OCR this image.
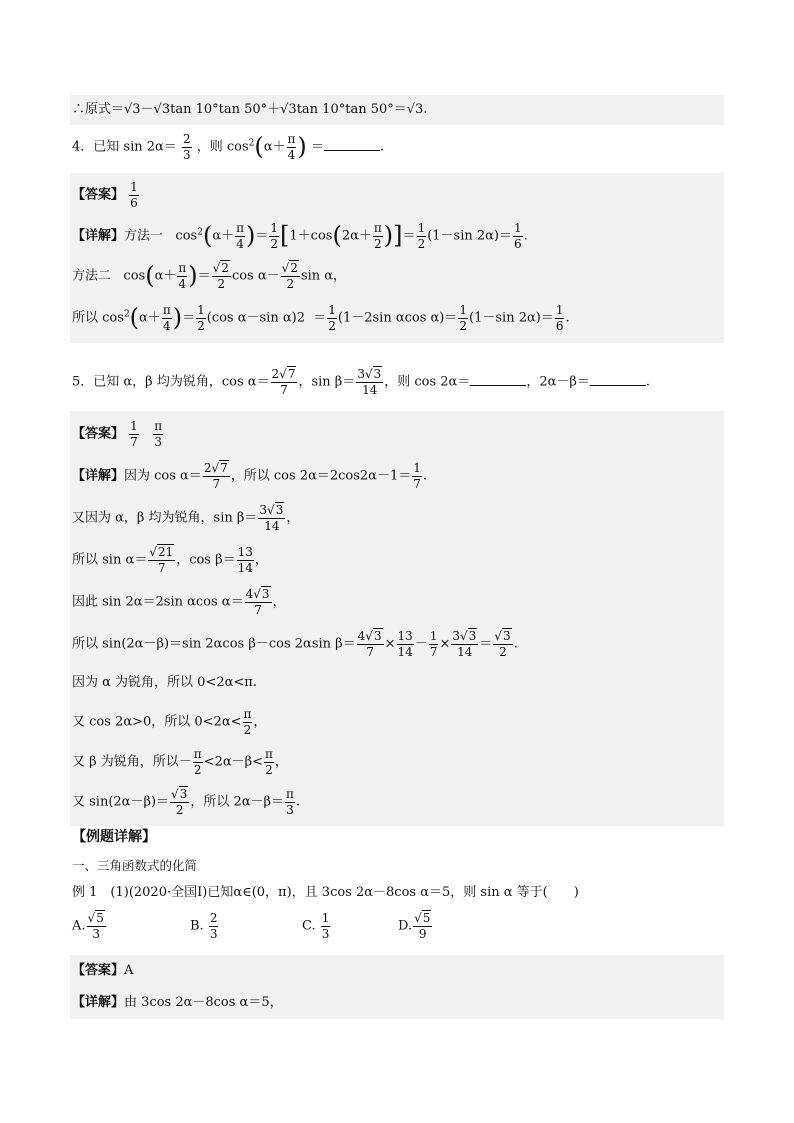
∴原式＝√3－√3tan 10°tan 50°＋√3tan 10°tan 50°＝√3.
4．已知 $\sin 2\alpha= \frac{2}{3}$ ，则 $\cos^2(\alpha+ \frac{\pi}{4}$ ) ＝	.
【答案】 $\frac{1}{6}$
【详解】方法一   $\cos^2(\alpha+ \frac{\pi}{4}$ )＝ $\frac{1}{2} [1+\cos(2\alpha+ \frac{\pi}{2}$ )]＝ $\frac{1}{2} (1-\sin$ $2\alpha)= \frac{1}{6}$ .
方法二   $\cos(\alpha+ \frac{\pi}{4}$ )＝ $\frac{√2}{2}$ $\cos \alpha- \frac{√2}{2}$ sin α，
所以 $\cos^2(\alpha+ \frac{\pi}{4}$ )＝ $\frac{1}{2} (\cos$ α－sin $\alpha)2 = \frac{1}{2} (1-2\sin$ αcos $\alpha)= \frac{1}{2} (1-\sin$ $2\alpha)= \frac{1}{6}$ .
5．已知 α，β 均为锐角，$\cos \alpha= \frac{2√7}{7}$ ，$\sin \beta= \frac{3√3}{14}$ ，则 cos 2α＝	，2α－β＝	.
【答案】 $\frac{1}{7}$
$\frac{\pi}{3}$
【详解】因为 $\cos \alpha= \frac{2√7}{7}$ ，所以 $\cos 2\alpha=2\cos 2\alpha-1= \frac{1}{7}$ .
又因为 α，β 均为锐角，$\sin \beta= \frac{3√3}{14}$ ，
所以 $\sin \alpha= \frac{√21}{7}$ ，$\cos \beta= \frac{13}{14}$ ，
因此 sin 2α＝2sin αcos $\alpha= \frac{4√3}{7}$ ，
所以 sin(2α－β)＝sin 2αcos β－cos 2αsin $\beta= \frac{4√3}{7} \times \frac{13}{14} - \frac{1}{7} \times \frac{3√3}{14} = \frac{√3}{2}$ .
因为 α 为锐角，所以 0<2α<π.
又 cos 2α>0，所以 $0<2\alpha< \frac{\pi}{2}$ ，
又 β 为锐角，所以－ $\frac{\pi}{2} <2\alpha-\beta< \frac{\pi}{2}$ ，
又 $\sin(2\alpha-\beta)= \frac{√3}{2}$ ，所以 $2\alpha-\beta= \frac{\pi}{3}$ .
【例题详解】
一、三角函数式的化简
例 1　(1)(2020·全国Ⅰ)已知α∈(0，π)，且 3cos 2α－8cos α＝5，则 sin α 等于(　　)
A. $\frac{√5}{3}$	B. $\frac{2}{3}$	C. $\frac{1}{3}$	D. $\frac{√5}{9}$
【答案】A
【详解】由 3cos 2α－8cos α＝5，
